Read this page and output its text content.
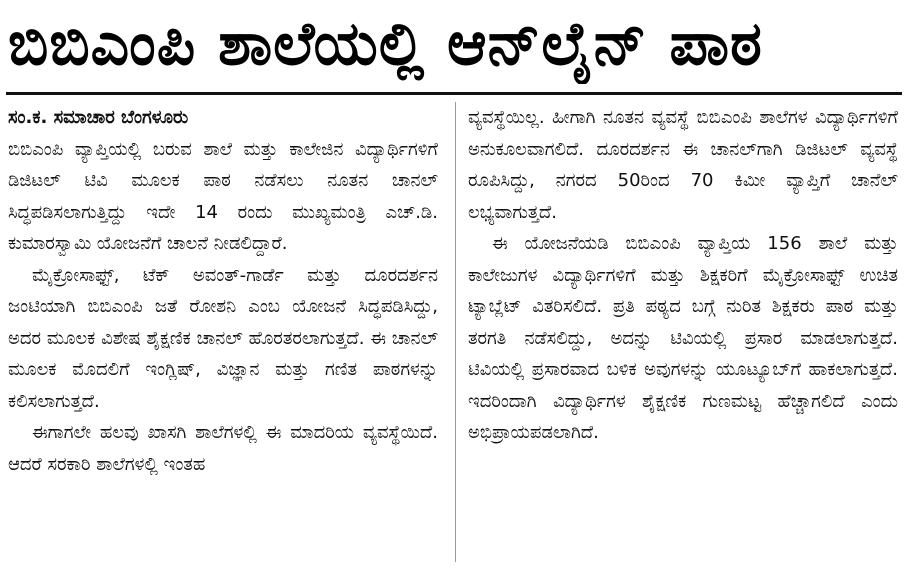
ಬಿಬಿಎಂಪಿ ಶಾಲೆಯಲ್ಲಿ ಆನ್‌ಲೈನ್ ಪಾಠ

ಸಂ.ಕ. ಸಮಾಚಾರ ಬೆಂಗಳೂರು

ಬಿಬಿಎಂಪಿ ವ್ಯಾಪ್ತಿಯಲ್ಲಿ ಬರುವ ಶಾಲೆ ಮತ್ತು ಕಾಲೇಜಿನ ವಿದ್ಯಾರ್ಥಿಗಳಿಗೆ ಡಿಜಿಟಲ್ ಟಿವಿ ಮೂಲಕ ಪಾಠ ನಡೆಸಲು ನೂತನ ಚಾನಲ್ ಸಿದ್ಧಪಡಿಸಲಾಗುತ್ತಿದ್ದು ಇದೇ 14 ರಂದು ಮುಖ್ಯಮಂತ್ರಿ ಎಚ್.ಡಿ. ಕುಮಾರಸ್ವಾಮಿ ಯೋಜನೆಗೆ ಚಾಲನೆ ನೀಡಲಿದ್ದಾರೆ.

ಮೈಕ್ರೋಸಾಫ್ಟ್, ಟೆಕ್ ಅವಂತ್-ಗಾರ್ಡೆ ಮತ್ತು ದೂರದರ್ಶನ ಜಂಟಿಯಾಗಿ ಬಿಬಿಎಂಪಿ ಜತೆ ರೋಶನಿ ಎಂಬ ಯೋಜನೆ ಸಿದ್ಧಪಡಿಸಿದ್ದು, ಅದರ ಮೂಲಕ ವಿಶೇಷ ಶೈಕ್ಷಣಿಕ ಚಾನಲ್ ಹೊರತರಲಾಗುತ್ತದೆ. ಈ ಚಾನಲ್ ಮೂಲಕ ಮೊದಲಿಗೆ ಇಂಗ್ಲಿಷ್, ವಿಜ್ಞಾನ ಮತ್ತು ಗಣಿತ ಪಾಠಗಳನ್ನು ಕಲಿಸಲಾಗುತ್ತದೆ.

ಈಗಾಗಲೇ ಹಲವು ಖಾಸಗಿ ಶಾಲೆಗಳಲ್ಲಿ ಈ ಮಾದರಿಯ ವ್ಯವಸ್ಥೆಯಿದೆ. ಆದರೆ ಸರಕಾರಿ ಶಾಲೆಗಳಲ್ಲಿ ಇಂತಹ

ವ್ಯವಸ್ಥೆಯಿಲ್ಲ. ಹೀಗಾಗಿ ನೂತನ ವ್ಯವಸ್ಥೆ ಬಿಬಿಎಂಪಿ ಶಾಲೆಗಳ ವಿದ್ಯಾರ್ಥಿಗಳಿಗೆ ಅನುಕೂಲವಾಗಲಿದೆ. ದೂರದರ್ಶನ ಈ ಚಾನಲ್‌ಗಾಗಿ ಡಿಜಿಟಲ್ ವ್ಯವಸ್ಥೆ ರೂಪಿಸಿದ್ದು, ನಗರದ 50ರಿಂದ 70 ಕಿಮೀ ವ್ಯಾಪ್ತಿಗೆ ಚಾನೆಲ್ ಲಭ್ಯವಾಗುತ್ತದೆ.

ಈ ಯೋಜನೆಯಡಿ ಬಿಬಿಎಂಪಿ ವ್ಯಾಪ್ತಿಯ 156 ಶಾಲೆ ಮತ್ತು ಕಾಲೇಜುಗಳ ವಿದ್ಯಾರ್ಥಿಗಳಿಗೆ ಮತ್ತು ಶಿಕ್ಷಕರಿಗೆ ಮೈಕ್ರೋಸಾಫ್ಟ್ ಉಚಿತ ಟ್ಯಾಬ್ಲೆಟ್ ವಿತರಿಸಲಿದೆ. ಪ್ರತಿ ಪಠ್ಯದ ಬಗ್ಗೆ ನುರಿತ ಶಿಕ್ಷಕರು ಪಾಠ ಮತ್ತು ತರಗತಿ ನಡೆಸಲಿದ್ದು, ಅದನ್ನು ಟಿವಿಯಲ್ಲಿ ಪ್ರಸಾರ ಮಾಡಲಾಗುತ್ತದೆ. ಟಿವಿಯಲ್ಲಿ ಪ್ರಸಾರವಾದ ಬಳಿಕ ಅವುಗಳನ್ನು ಯೂಟ್ಯೂಬ್‌ಗೆ ಹಾಕಲಾಗುತ್ತದೆ. ಇದರಿಂದಾಗಿ ವಿದ್ಯಾರ್ಥಿಗಳ ಶೈಕ್ಷಣಿಕ ಗುಣಮಟ್ಟ ಹೆಚ್ಚಾಗಲಿದೆ ಎಂದು ಅಭಿಪ್ರಾಯಪಡಲಾಗಿದೆ.
